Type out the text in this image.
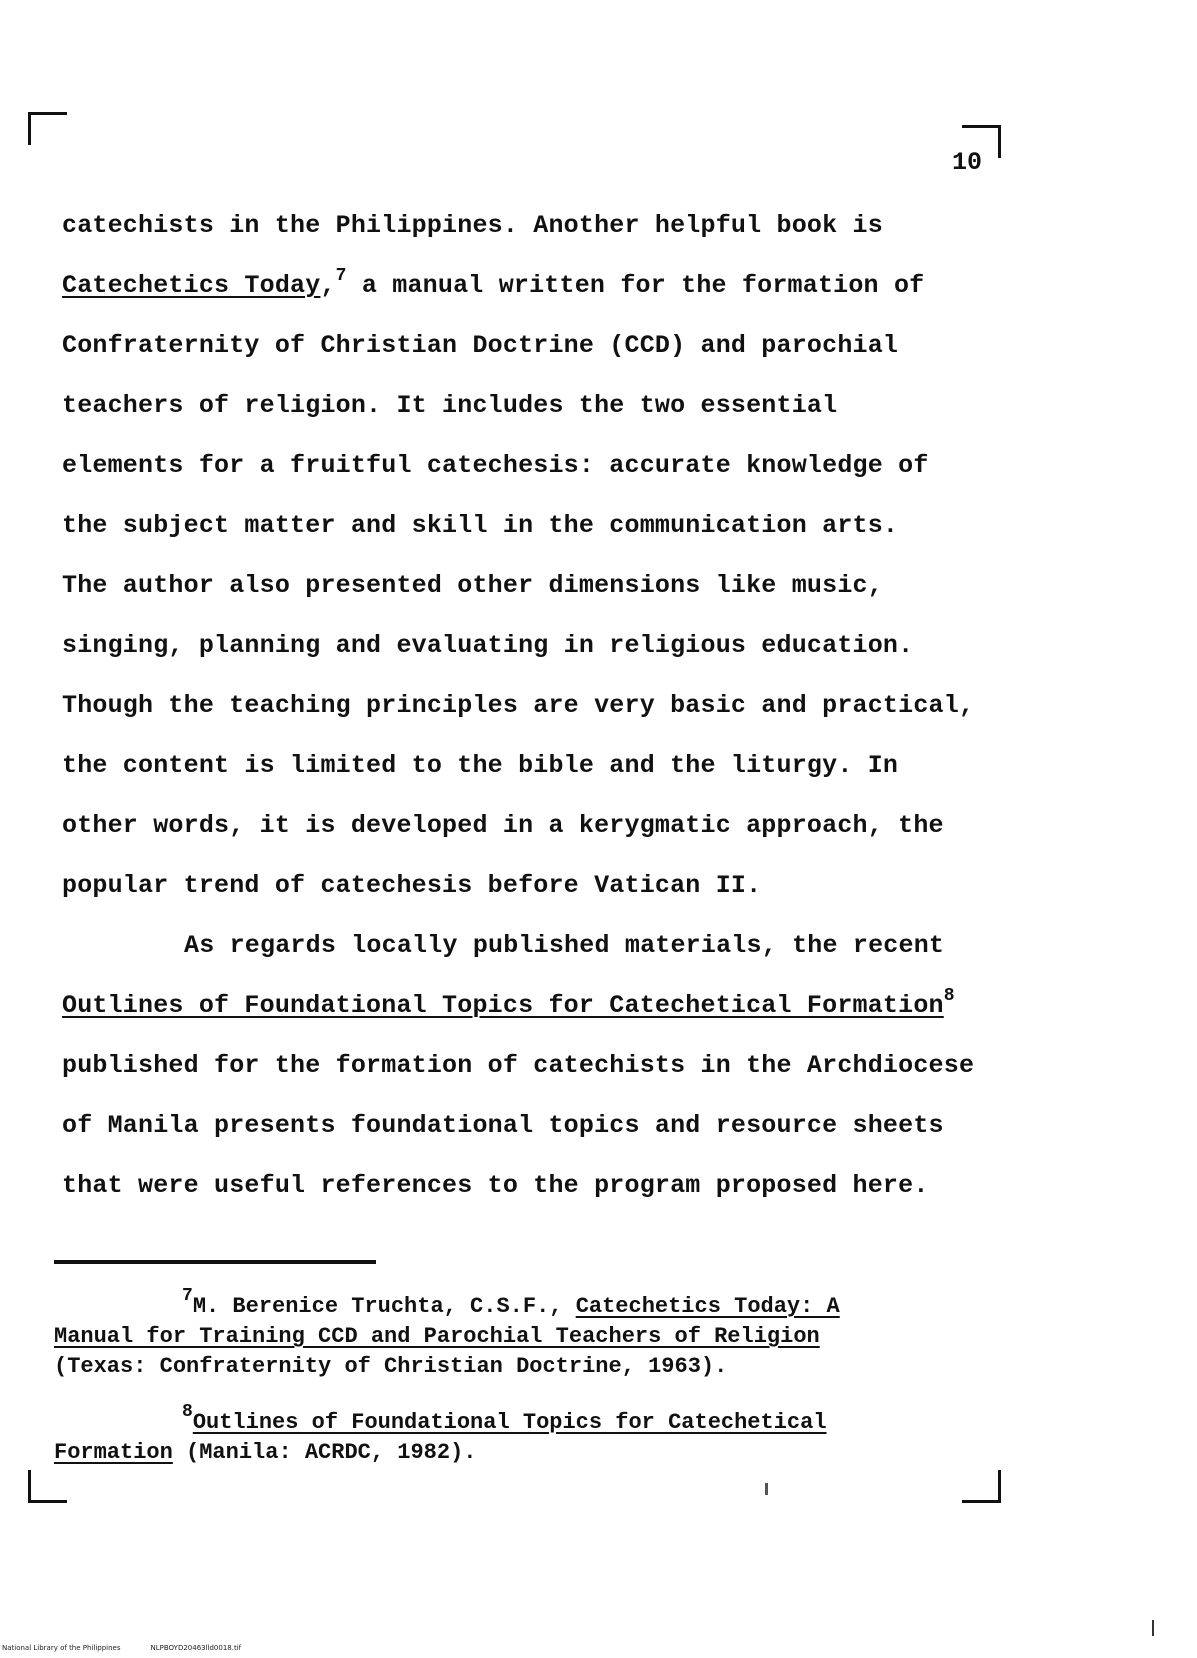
10
catechists in the Philippines. Another helpful book is
Catechetics Today,$^7$ a manual written for the formation of
Confraternity of Christian Doctrine (CCD) and parochial
teachers of religion. It includes the two essential
elements for a fruitful catechesis: accurate knowledge of
the subject matter and skill in the communication arts.
The author also presented other dimensions like music,
singing, planning and evaluating in religious education.
Though the teaching principles are very basic and practical,
the content is limited to the bible and the liturgy. In
other words, it is developed in a kerygmatic approach, the
popular trend of catechesis before Vatican II.
As regards locally published materials, the recent
Outlines of Foundational Topics for Catechetical Formation$^8$
published for the formation of catechists in the Archdiocese
of Manila presents foundational topics and resource sheets
that were useful references to the program proposed here.
$^7$M. Berenice Truchta, C.S.F., Catechetics Today: A
Manual for Training CCD and Parochial Teachers of Religion
(Texas: Confraternity of Christian Doctrine, 1963).
$^8$Outlines of Foundational Topics for Catechetical
Formation (Manila: ACRDC, 1982).
National Library of the Philippines	NLPBOYD20463lld0018.tif
